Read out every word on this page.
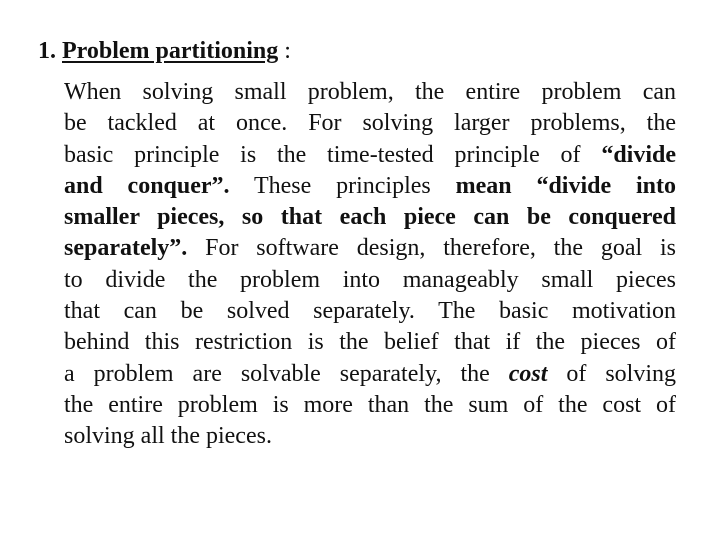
1. Problem partitioning :
When solving small problem, the entire problem can
be tackled at once. For solving larger problems, the
basic principle is the time-tested principle of “divide
and conquer”. These principles mean “divide into
smaller pieces, so that each piece can be conquered
separately”. For software design, therefore, the goal is
to divide the problem into manageably small pieces
that can be solved separately. The basic motivation
behind this restriction is the belief that if the pieces of
a problem are solvable separately, the cost of solving
the entire problem is more than the sum of the cost of
solving all the pieces.
